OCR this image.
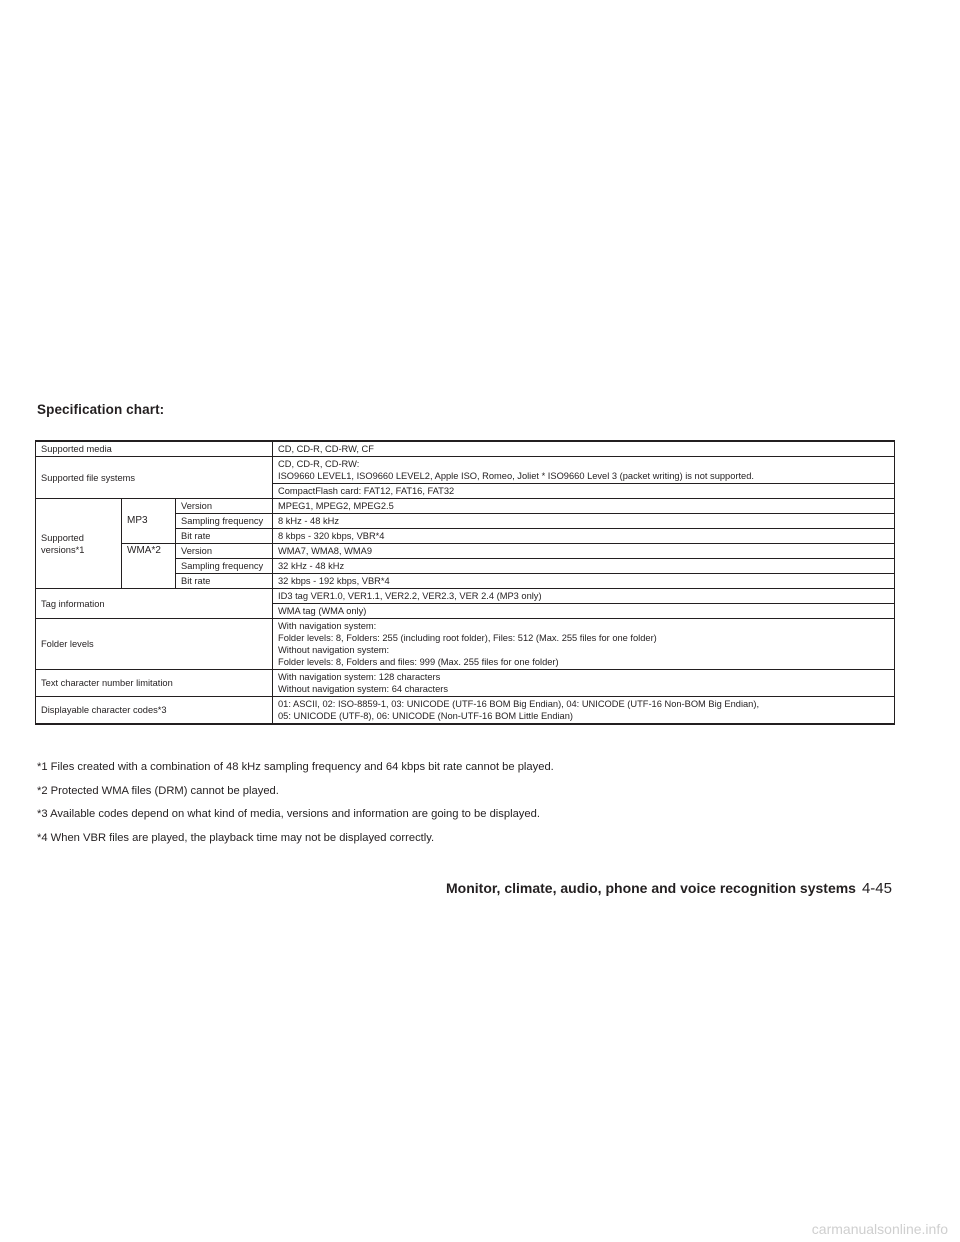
Specification chart:
Supported media			CD, CD-R, CD-RW, CF
Supported file systems			CD, CD-R, CD-RW:
ISO9660 LEVEL1, ISO9660 LEVEL2, Apple ISO, Romeo, Joliet * ISO9660 Level 3 (packet writing) is not supported.

			CompactFlash card: FAT12, FAT16, FAT32

Supported
versions*1	MP3	Version	MPEG1, MPEG2, MPEG2.5
		Sampling frequency	8 kHz - 48 kHz
		Bit rate	8 kbps - 320 kbps, VBR*4
	WMA*2	Version	WMA7, WMA8, WMA9
		Sampling frequency	32 kHz - 48 kHz
		Bit rate	32 kbps - 192 kbps, VBR*4
Tag information			ID3 tag VER1.0, VER1.1, VER2.2, VER2.3, VER 2.4 (MP3 only)
			WMA tag (WMA only)
Folder levels			With navigation system:
Folder levels: 8, Folders: 255 (including root folder), Files: 512 (Max. 255 files for one folder)
Without navigation system:
Folder levels: 8, Folders and files: 999 (Max. 255 files for one folder)

Text character number limitation			With navigation system: 128 characters
Without navigation system: 64 characters

Displayable character codes*3			01: ASCII, 02: ISO-8859-1, 03: UNICODE (UTF-16 BOM Big Endian), 04: UNICODE (UTF-16 Non-BOM Big Endian),
05: UNICODE (UTF-8), 06: UNICODE (Non-UTF-16 BOM Little Endian)

*1 Files created with a combination of 48 kHz sampling frequency and 64 kbps bit rate cannot be played.

*2 Protected WMA files (DRM) cannot be played.

*3 Available codes depend on what kind of media, versions and information are going to be displayed.

*4 When VBR files are played, the playback time may not be displayed correctly.

Monitor, climate, audio, phone and voice recognition systems 4-45
carmanualsonline.info
